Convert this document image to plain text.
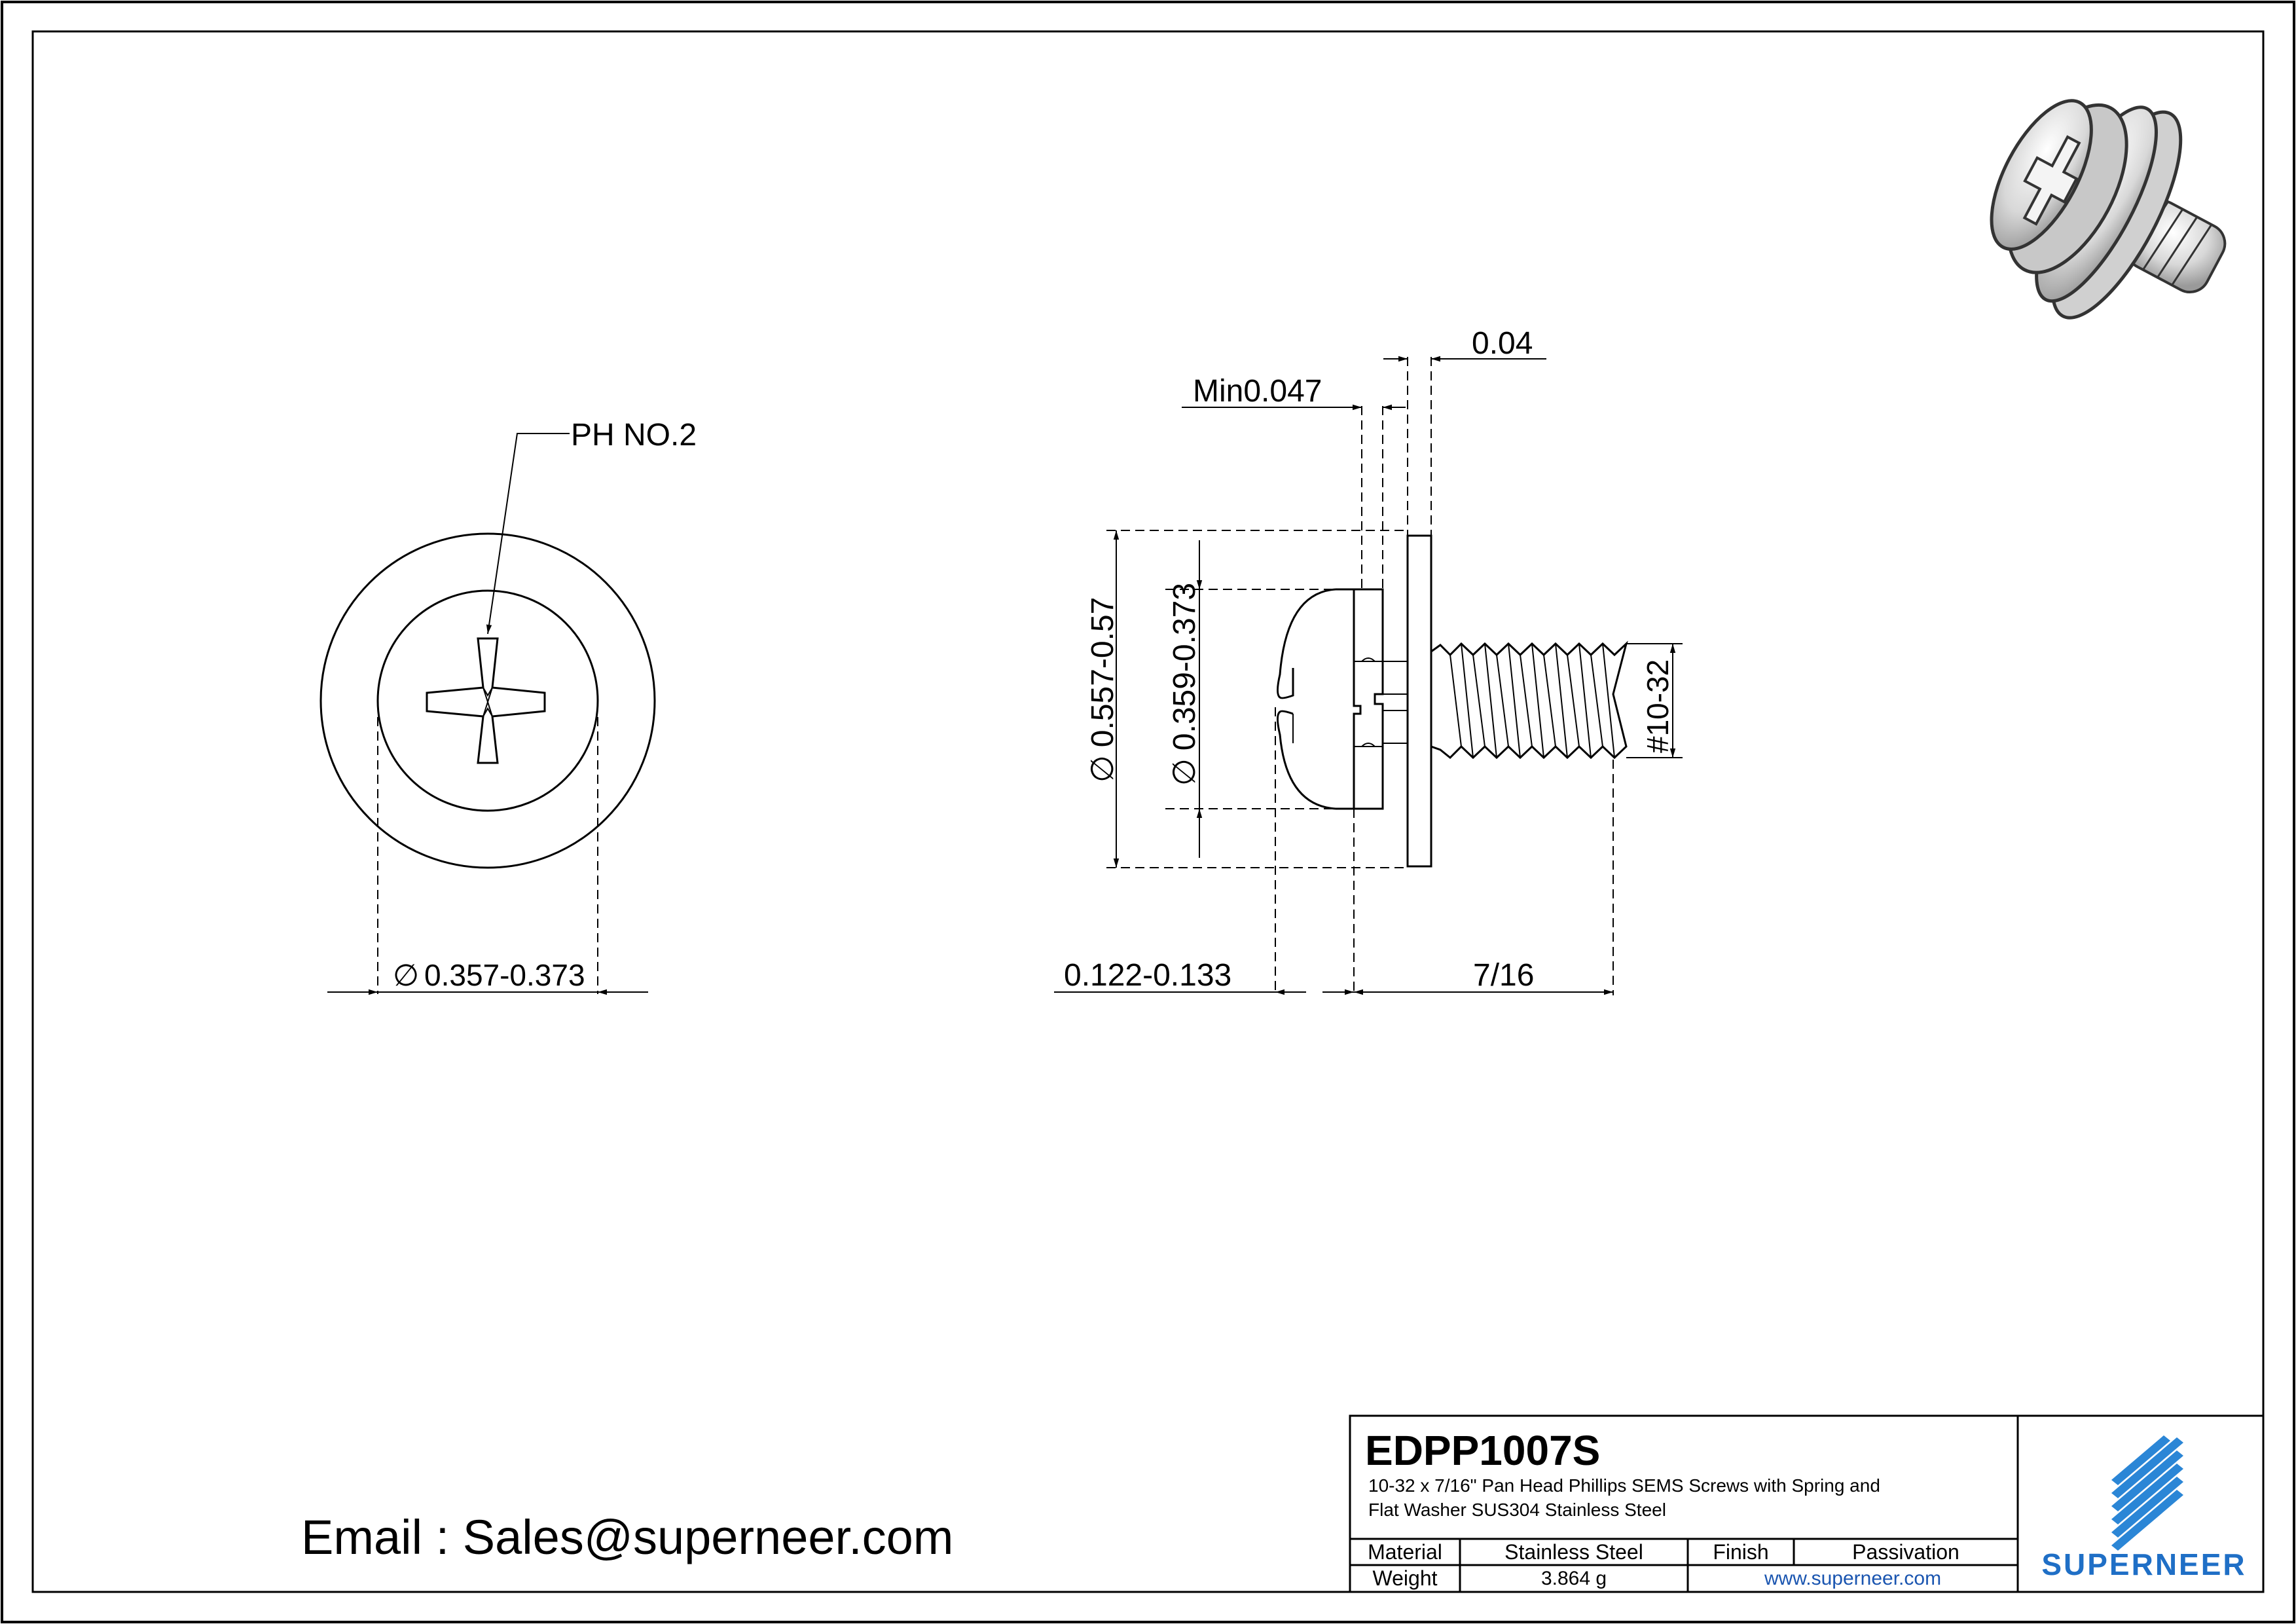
∅ 0.357-0.373
PH NO.2
∅0.557-0.57
∅0.359-0.373	#10-32
Min0.047
0.04
0.122-0.133	7/16
Email : Sales@superneer.com
EDPP1007S
10-32 x 7/16" Pan Head Phillips SEMS Screws with Spring and
Flat Washer SUS304 Stainless Steel
Material	Stainless Steel	Finish	Passivation
Weight	3.864 g	www.superneer.com	SUPERNEER
